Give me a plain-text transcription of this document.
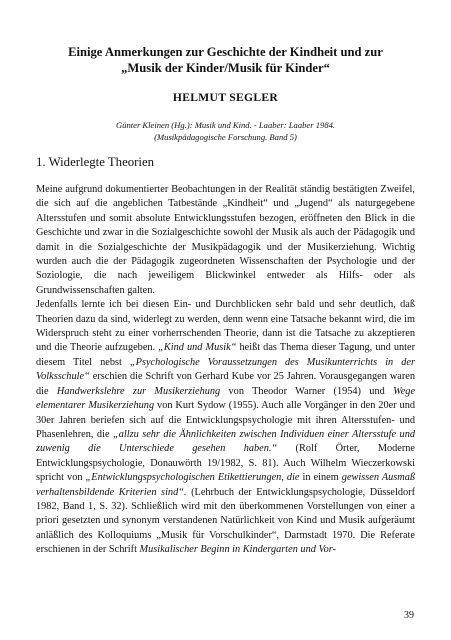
Einige Anmerkungen zur Geschichte der Kindheit und zur
„Musik der Kinder/Musik für Kinder“
HELMUT SEGLER
Günter Kleinen (Hg.): Musik und Kind. - Laaber: Laaber 1984.
(Musikpädagogische Forschung. Band 5)
1. Widerlegte Theorien

Meine aufgrund dokumentierter Beobachtungen in der Realität ständig bestätigten Zweifel, die sich auf die angeblichen Tatbestände „Kindheit“ und „Jugend“ als naturgegebene Altersstufen und somit absolute Entwicklungsstufen bezogen, eröffneten den Blick in die Geschichte und zwar in die Sozialgeschichte sowohl der Musik als auch der Pädagogik und damit in die Sozialgeschichte der Musikpädagogik und der Musikerziehung. Wichtig wurden auch die der Pädagogik zugeordneten Wissenschaften der Psychologie und der Soziologie, die nach jeweiligem Blickwinkel entweder als Hilfs- oder als Grundwissenschaften galten.

Jedenfalls lernte ich bei diesen Ein- und Durchblicken sehr bald und sehr deutlich, daß Theorien dazu da sind, widerlegt zu werden, denn wenn eine Tatsache bekannt wird, die im Widerspruch steht zu einer vorherrschenden Theorie, dann ist die Tatsache zu akzeptieren und die Theorie aufzugeben. „Kind und Musik“ heißt das Thema dieser Tagung, und unter diesem Titel nebst „Psychologische Voraussetzungen des Musikunterrichts in der Volksschule“ erschien die Schrift von Gerhard Kube vor 25 Jahren. Vorausgegangen waren die Handwerkslehre zur Musikerziehung von Theodor Warner (1954) und Wege elementarer Musikerziehung von Kurt Sydow (1955). Auch alle Vorgänger in den 20er und 30er Jahren beriefen sich auf die Entwicklungspsychologie mit ihren Altersstufen- und Phasenlehren, die „allzu sehr die Ähnlichkeiten zwischen Individuen einer Altersstufe und zuwenig die Unterschiede gesehen haben.“ (Rolf Örter, Moderne Entwicklungspsychologie, Donauwörth 19/1982, S. 81). Auch Wilhelm Wieczerkowski spricht von „Entwicklungspsychologischen Etikettierungen, die in einem gewissen Ausmaß verhaltensbildende Kriterien sind“. (Lehrbuch der Entwicklungspsychologie, Düsseldorf 1982, Band 1, S. 32). Schließlich wird mit den überkommenen Vorstellungen von einer a priori gesetzten und synonym verstandenen Natürlichkeit von Kind und Musik aufgeräumt anläßlich des Kolloquiums „Musik für Vorschulkinder“, Darmstadt 1970. Die Referate erschienen in der Schrift Musikalischer Beginn in Kindergarten und Vor-

39
